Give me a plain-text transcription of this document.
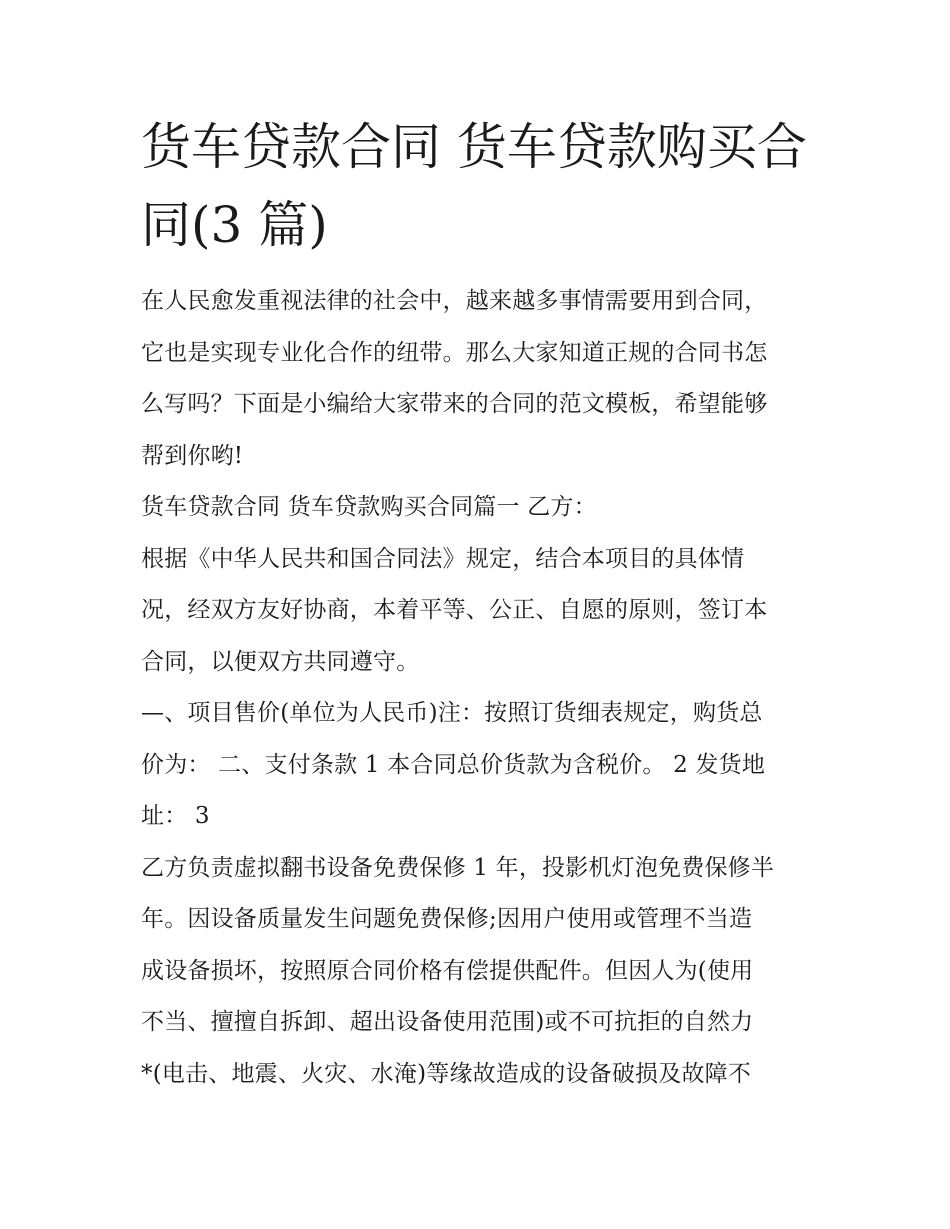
货车贷款合同 货车贷款购买合
同(3 篇)
在人民愈发重视法律的社会中，越来越多事情需要用到合同，
它也是实现专业化合作的纽带。那么大家知道正规的合同书怎
么写吗？下面是小编给大家带来的合同的范文模板，希望能够
帮到你哟!
货车贷款合同 货车贷款购买合同篇一 乙方：
根据《中华人民共和国合同法》规定，结合本项目的具体情
况，经双方友好协商，本着平等、公正、自愿的原则，签订本
合同，以便双方共同遵守。
—、项目售价(单位为人民币)注：按照订货细表规定，购货总
价为： 二、支付条款 1 本合同总价货款为含税价。 2 发货地
址： 3
乙方负责虚拟翻书设备免费保修 1 年，投影机灯泡免费保修半
年。因设备质量发生问题免费保修;因用户使用或管理不当造
成设备损坏，按照原合同价格有偿提供配件。但因人为(使用
不当、擅擅自拆卸、超出设备使用范围)或不可抗拒的自然力
*(电击、地震、火灾、水淹)等缘故造成的设备破损及故障不
